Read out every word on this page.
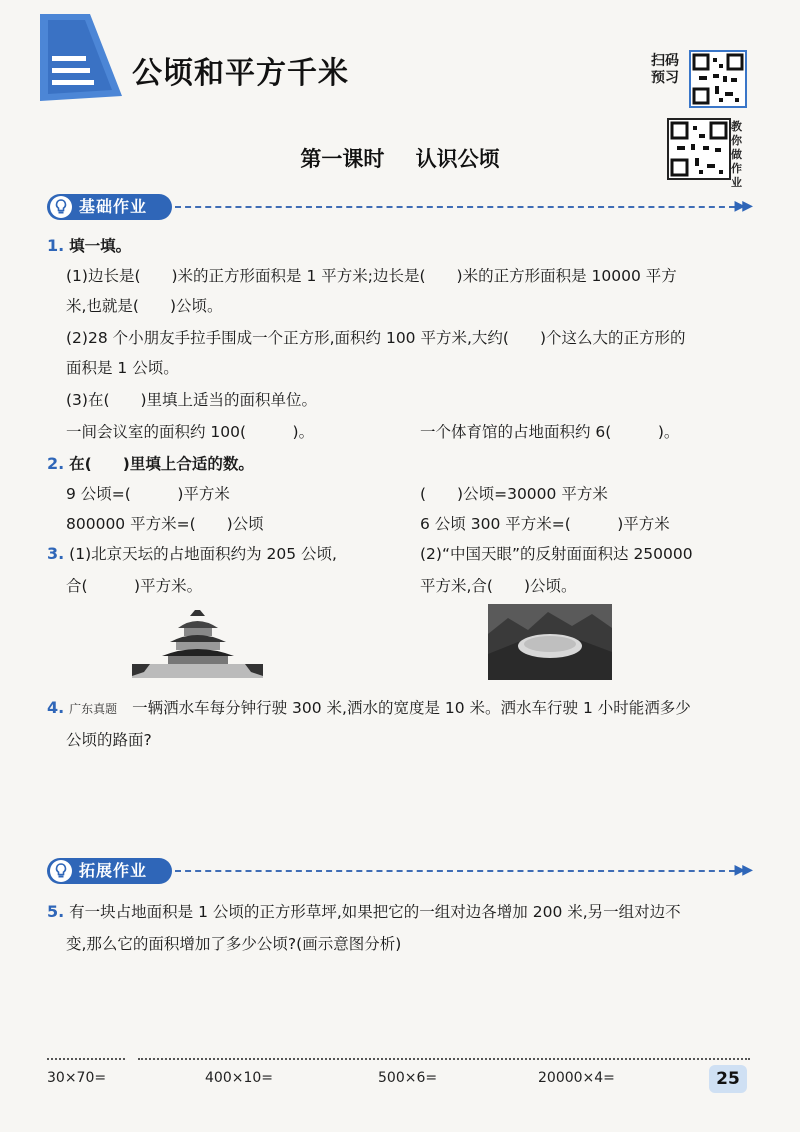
公顷和平方千米	扫码预习
教你做作业
第一课时 认识公顷
基础作业	▶▶
1. 填一填。
(1)边长是(　　)米的正方形面积是 1 平方米;边长是(　　)米的正方形面积是 10000 平方
米,也就是(　　)公顷。
(2)28 个小朋友手拉手围成一个正方形,面积约 100 平方米,大约(　　)个这么大的正方形的
面积是 1 公顷。
(3)在(　　)里填上适当的面积单位。
一间会议室的面积约 100(　　　)。	一个体育馆的占地面积约 6(　　　)。
2. 在(　　)里填上合适的数。
9 公顷=(　　　)平方米	(　　)公顷=30000 平方米
800000 平方米=(　　)公顷	6 公顷 300 平方米=(　　　)平方米
3. (1)北京天坛的占地面积约为 205 公顷,
合(　　　)平方米。
(2)“中国天眼”的反射面面积达 250000
平方米,合(　　)公顷。
4. 广东真题 一辆洒水车每分钟行驶 300 米,洒水的宽度是 10 米。洒水车行驶 1 小时能洒多少
公顷的路面?
拓展作业	▶▶
5. 有一块占地面积是 1 公顷的正方形草坪,如果把它的一组对边各增加 200 米,另一组对边不
变,那么它的面积增加了多少公顷?(画示意图分析)
30×70=	400×10=	500×6=	20000×4=	25
